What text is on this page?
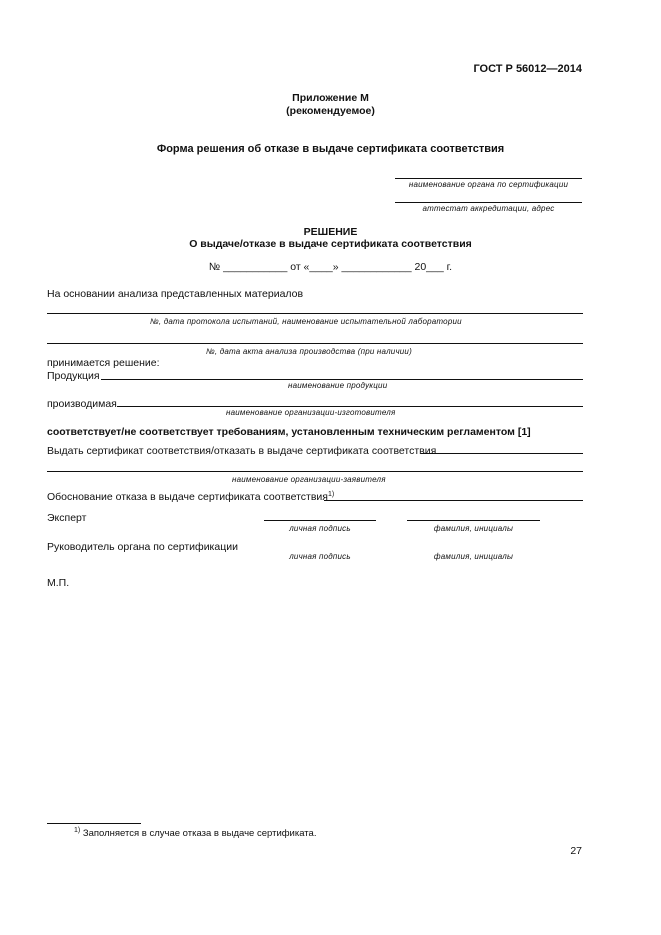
ГОСТ Р 56012—2014
Приложение М
(рекомендуемое)
Форма решения об отказе в выдаче сертификата соответствия
наименование органа по сертификации
аттестат аккредитации, адрес
РЕШЕНИЕ
О выдаче/отказе в выдаче сертификата соответствия
№ ___________ от «____» ____________ 20___ г.
На основании анализа представленных материалов
№, дата протокола испытаний, наименование испытательной лаборатории
№, дата акта анализа производства (при наличии)
принимается решение:
Продукция
наименование продукции
производимая
наименование организации-изготовителя
соответствует/не соответствует требованиям, установленным техническим регламентом [1]
Выдать сертификат соответствия/отказать в выдаче сертификата соответствия
наименование организации-заявителя
Обоснование отказа в выдаче сертификата соответствия$^{1)}$
Эксперт
личная подпись	фамилия, инициалы
Руководитель органа по сертификации
личная подпись	фамилия, инициалы
М.П.
$^{1)}$ Заполняется в случае отказа в выдаче сертификата.
27
